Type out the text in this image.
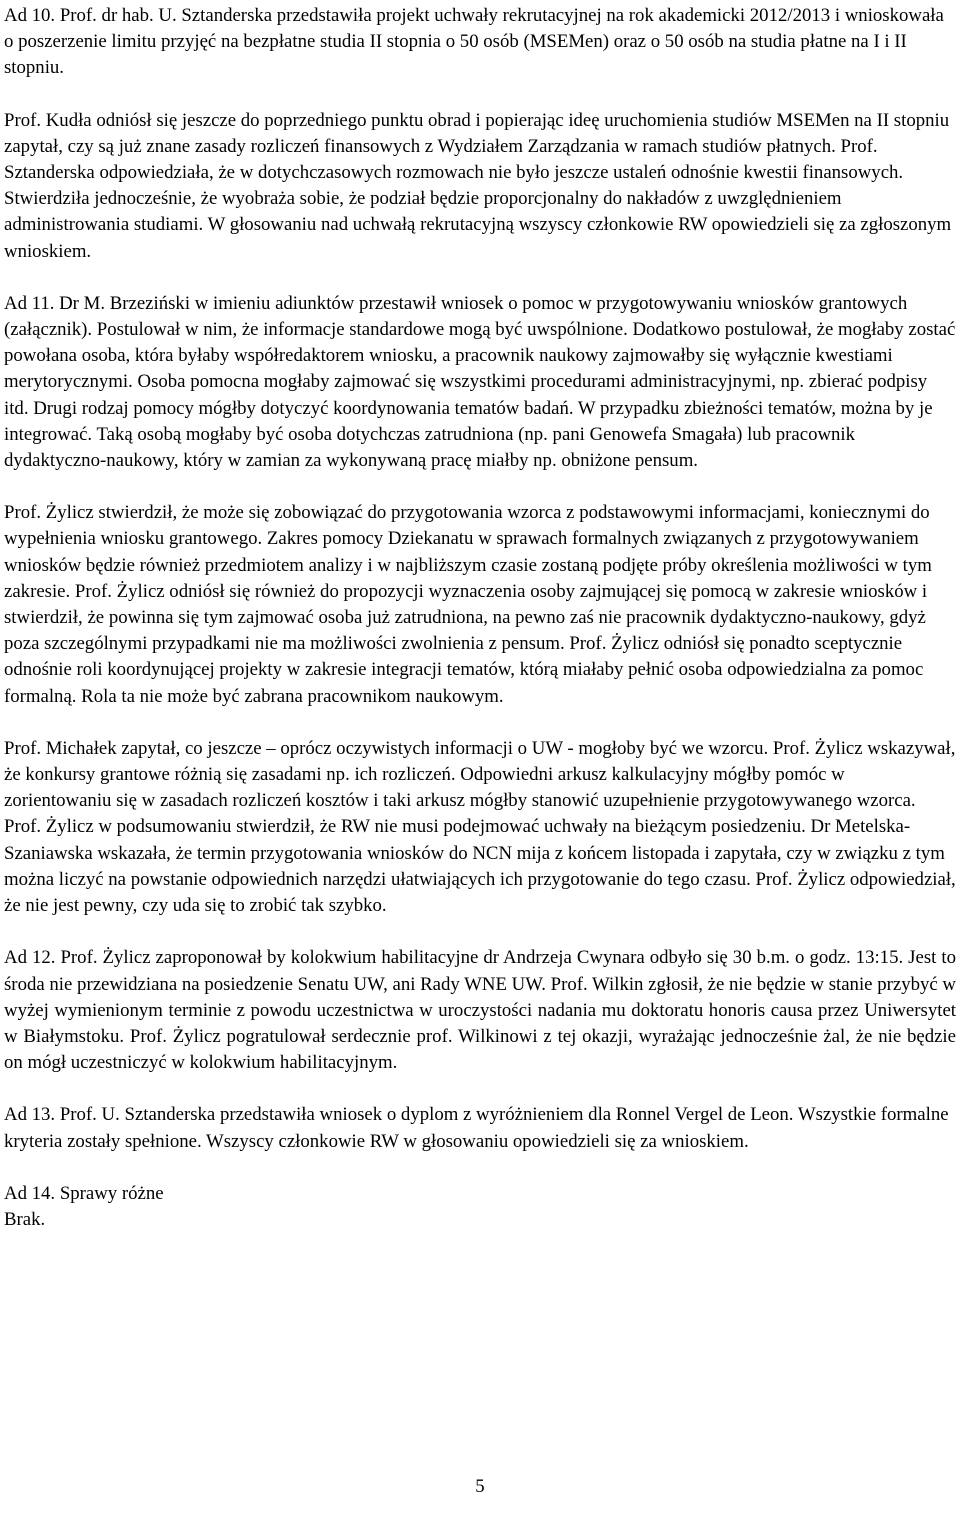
Ad 10. Prof. dr hab. U. Sztanderska przedstawiła projekt uchwały rekrutacyjnej na rok akademicki 2012/2013 i wnioskowała o poszerzenie limitu przyjęć na bezpłatne studia II stopnia o 50 osób (MSEMen) oraz o 50 osób na studia płatne na I i II stopniu.

Prof. Kudła odniósł się jeszcze do poprzedniego punktu obrad i popierając ideę uruchomienia studiów MSEMen na II stopniu zapytał, czy są już znane zasady rozliczeń finansowych z Wydziałem Zarządzania w ramach studiów płatnych. Prof. Sztanderska odpowiedziała, że w dotychczasowych rozmowach nie było jeszcze ustaleń odnośnie kwestii finansowych. Stwierdziła jednocześnie, że wyobraża sobie, że podział będzie proporcjonalny do nakładów z uwzględnieniem administrowania studiami. W głosowaniu nad uchwałą rekrutacyjną wszyscy członkowie RW opowiedzieli się za zgłoszonym wnioskiem.

Ad 11. Dr M. Brzeziński w imieniu adiunktów przestawił wniosek o pomoc w przygotowywaniu wniosków grantowych (załącznik). Postulował w nim, że informacje standardowe mogą być uwspólnione. Dodatkowo postulował, że mogłaby zostać powołana osoba, która byłaby współredaktorem wniosku, a pracownik naukowy zajmowałby się wyłącznie kwestiami merytorycznymi. Osoba pomocna mogłaby zajmować się wszystkimi procedurami administracyjnymi, np. zbierać podpisy itd. Drugi rodzaj pomocy mógłby dotyczyć koordynowania tematów badań. W przypadku zbieżności tematów, można by je integrować. Taką osobą mogłaby być osoba dotychczas zatrudniona (np. pani Genowefa Smagała) lub pracownik dydaktyczno-naukowy, który w zamian za wykonywaną pracę miałby np. obniżone pensum.

Prof. Żylicz stwierdził, że może się zobowiązać do przygotowania wzorca z podstawowymi informacjami, koniecznymi do wypełnienia wniosku grantowego. Zakres pomocy Dziekanatu w sprawach formalnych związanych z przygotowywaniem wniosków będzie również przedmiotem analizy i w najbliższym czasie zostaną podjęte próby określenia możliwości w tym zakresie. Prof. Żylicz odniósł się również do propozycji wyznaczenia osoby zajmującej się pomocą w zakresie wniosków i stwierdził, że powinna się tym zajmować osoba już zatrudniona, na pewno zaś nie pracownik dydaktyczno-naukowy, gdyż poza szczególnymi przypadkami nie ma możliwości zwolnienia z pensum. Prof. Żylicz odniósł się ponadto sceptycznie odnośnie roli koordynującej projekty w zakresie integracji tematów, którą miałaby pełnić osoba odpowiedzialna za pomoc formalną. Rola ta nie może być zabrana pracownikom naukowym.

Prof. Michałek zapytał, co jeszcze – oprócz oczywistych informacji o UW - mogłoby być we wzorcu. Prof. Żylicz wskazywał, że konkursy grantowe różnią się zasadami np. ich rozliczeń. Odpowiedni arkusz kalkulacyjny mógłby pomóc w zorientowaniu się w zasadach rozliczeń kosztów i taki arkusz mógłby stanowić uzupełnienie przygotowywanego wzorca. Prof. Żylicz w podsumowaniu stwierdził, że RW nie musi podejmować uchwały na bieżącym posiedzeniu. Dr Metelska-Szaniawska wskazała, że termin przygotowania wniosków do NCN mija z końcem listopada i zapytała, czy w związku z tym można liczyć na powstanie odpowiednich narzędzi ułatwiających ich przygotowanie do tego czasu. Prof. Żylicz odpowiedział, że nie jest pewny, czy uda się to zrobić tak szybko.

Ad 12. Prof. Żylicz zaproponował by kolokwium habilitacyjne dr Andrzeja Cwynara odbyło się 30 b.m. o godz. 13:15. Jest to środa nie przewidziana na posiedzenie Senatu UW, ani Rady WNE UW. Prof. Wilkin zgłosił, że nie będzie w stanie przybyć w wyżej wymienionym terminie z powodu uczestnictwa w uroczystości nadania mu doktoratu honoris causa przez Uniwersytet w Białymstoku. Prof. Żylicz pogratulował serdecznie prof. Wilkinowi z tej okazji, wyrażając jednocześnie żal, że nie będzie on mógł uczestniczyć w kolokwium habilitacyjnym.

Ad 13. Prof. U. Sztanderska przedstawiła wniosek o dyplom z wyróżnieniem dla Ronnel Vergel de Leon. Wszystkie formalne kryteria zostały spełnione. Wszyscy członkowie RW w głosowaniu opowiedzieli się za wnioskiem.

Ad 14. Sprawy różne

Brak.

5
